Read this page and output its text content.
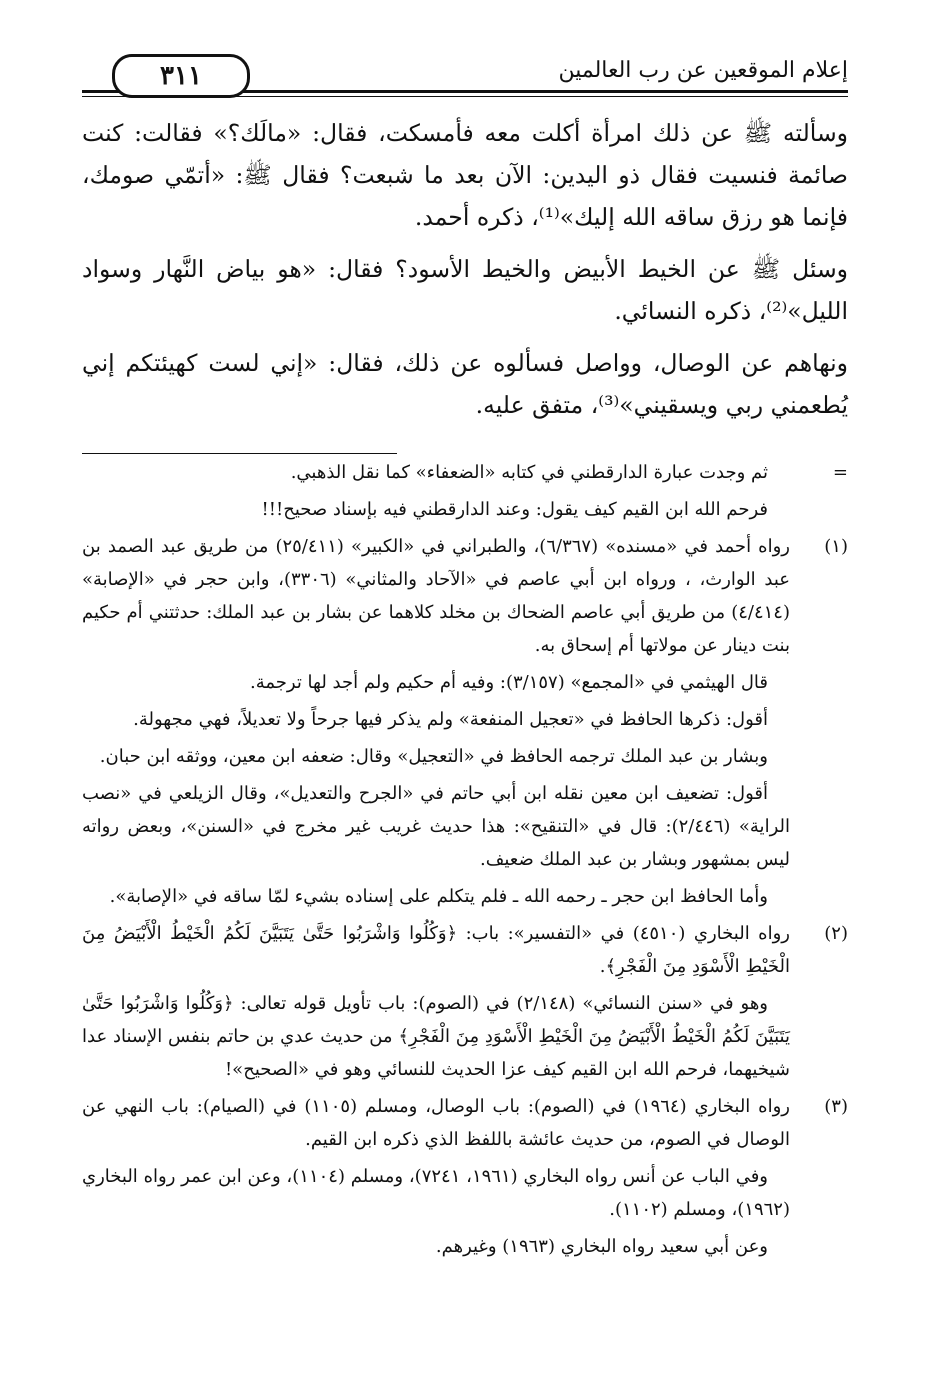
إعلام الموقعين عن رب العالمين
٣١١

وسألته ﷺ عن ذلك امرأة أكلت معه فأمسكت، فقال: «مالَك؟» فقالت: كنت صائمة فنسيت فقال ذو اليدين: الآن بعد ما شبعت؟ فقال ﷺ: «أتمّي صومك، فإنما هو رزق ساقه الله إليك»⁽¹⁾، ذكره أحمد.

وسئل ﷺ عن الخيط الأبيض والخيط الأسود؟ فقال: «هو بياض النَّهار وسواد الليل»⁽²⁾، ذكره النسائي.

ونهاهم عن الوصال، وواصل فسألوه عن ذلك، فقال: «إني لست كهيئتكم إني يُطعمني ربي ويسقيني»⁽³⁾، متفق عليه.

=

ثم وجدت عبارة الدارقطني في كتابه «الضعفاء» كما نقل الذهبي.

فرحم الله ابن القيم كيف يقول: وعند الدارقطني فيه بإسناد صحيح!!!

(١)

رواه أحمد في «مسنده» (٦/٣٦٧)، والطبراني في «الكبير» (٢٥/٤١١) من طريق عبد الصمد بن عبد الوارث، ، ورواه ابن أبي عاصم في «الآحاد والمثاني» (٣٣٠٦)، وابن حجر في «الإصابة» (٤/٤١٤) من طريق أبي عاصم الضحاك بن مخلد كلاهما عن بشار بن عبد الملك: حدثتني أم حكيم بنت دينار عن مولاتها أم إسحاق به.

قال الهيثمي في «المجمع» (٣/١٥٧): وفيه أم حكيم ولم أجد لها ترجمة.

أقول: ذكرها الحافظ في «تعجيل المنفعة» ولم يذكر فيها جرحاً ولا تعديلاً، فهي مجهولة.

وبشار بن عبد الملك ترجمه الحافظ في «التعجيل» وقال: ضعفه ابن معين، ووثقه ابن حبان.

أقول: تضعيف ابن معين نقله ابن أبي حاتم في «الجرح والتعديل»، وقال الزيلعي في «نصب الراية» (٢/٤٤٦): قال في «التنقيح»: هذا حديث غريب غير مخرج في «السنن»، وبعض رواته ليس بمشهور وبشار بن عبد الملك ضعيف.

وأما الحافظ ابن حجر ـ رحمه الله ـ فلم يتكلم على إسناده بشيء لمّا ساقه في «الإصابة».

(٢)

رواه البخاري (٤٥١٠) في «التفسير»: باب: ﴿وَكُلُوا وَاشْرَبُوا حَتَّىٰ يَتَبَيَّنَ لَكُمُ الْخَيْطُ الْأَبْيَضُ مِنَ الْخَيْطِ الْأَسْوَدِ مِنَ الْفَجْرِ﴾.

وهو في «سنن النسائي» (٢/١٤٨) في (الصوم): باب تأويل قوله تعالى: ﴿وَكُلُوا وَاشْرَبُوا حَتَّىٰ يَتَبَيَّنَ لَكُمُ الْخَيْطُ الْأَبْيَضُ مِنَ الْخَيْطِ الْأَسْوَدِ مِنَ الْفَجْرِ﴾ من حديث عدي بن حاتم بنفس الإسناد عدا شيخيهما، فرحم الله ابن القيم كيف عزا الحديث للنسائي وهو في «الصحيح»!

(٣)

رواه البخاري (١٩٦٤) في (الصوم): باب الوصال، ومسلم (١١٠٥) في (الصيام): باب النهي عن الوصال في الصوم، من حديث عائشة باللفظ الذي ذكره ابن القيم.

وفي الباب عن أنس رواه البخاري (١٩٦١، ٧٢٤١)، ومسلم (١١٠٤)، وعن ابن عمر رواه البخاري (١٩٦٢)، ومسلم (١١٠٢).

وعن أبي سعيد رواه البخاري (١٩٦٣) وغيرهم.
